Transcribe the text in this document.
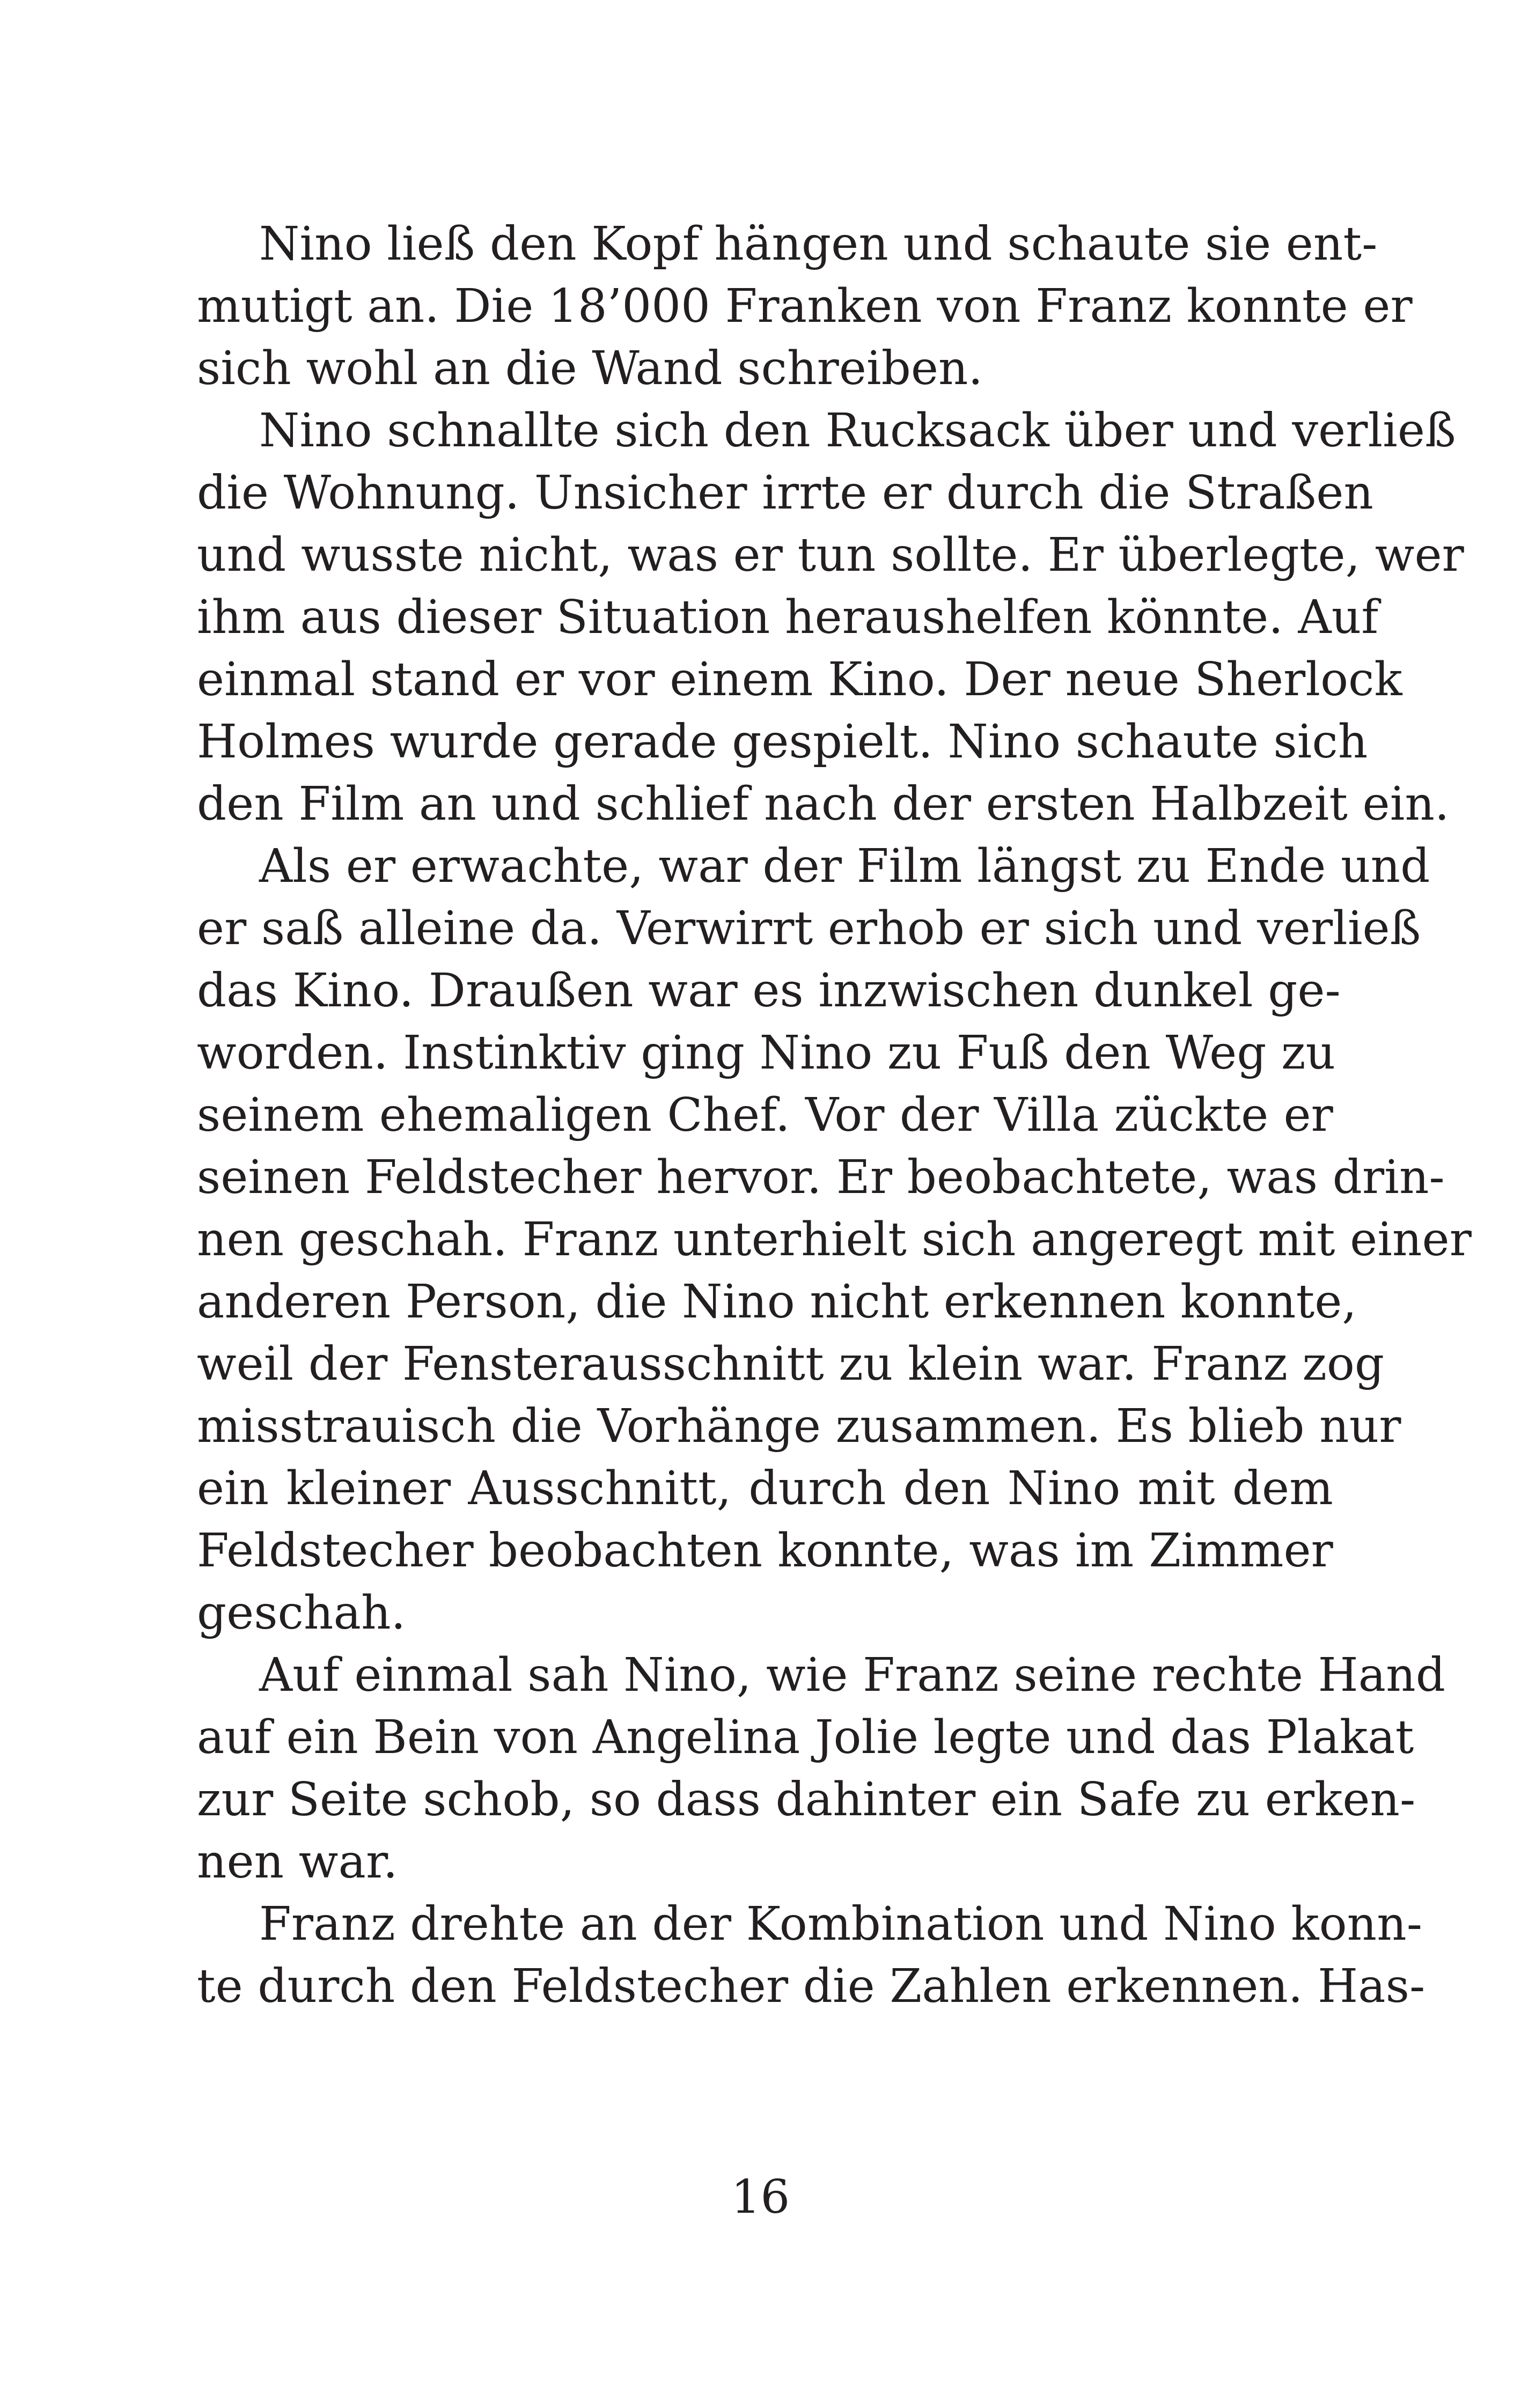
Nino ließ den Kopf hängen und schaute sie ent-
mutigt an. Die 18’000 Franken von Franz konnte er
sich wohl an die Wand schreiben.
Nino schnallte sich den Rucksack über und verließ
die Wohnung. Unsicher irrte er durch die Straßen
und wusste nicht, was er tun sollte. Er überlegte, wer
ihm aus dieser Situation heraushelfen könnte. Auf
einmal stand er vor einem Kino. Der neue Sherlock
Holmes wurde gerade gespielt. Nino schaute sich
den Film an und schlief nach der ersten Halbzeit ein.
Als er erwachte, war der Film längst zu Ende und
er saß alleine da. Verwirrt erhob er sich und verließ
das Kino. Draußen war es inzwischen dunkel ge-
worden. Instinktiv ging Nino zu Fuß den Weg zu
seinem ehemaligen Chef. Vor der Villa zückte er
seinen Feldstecher hervor. Er beobachtete, was drin-
nen geschah. Franz unterhielt sich angeregt mit einer
anderen Person, die Nino nicht erkennen konnte,
weil der Fensterausschnitt zu klein war. Franz zog
misstrauisch die Vorhänge zusammen. Es blieb nur
ein kleiner Ausschnitt, durch den Nino mit dem
Feldstecher beobachten konnte, was im Zimmer
geschah.
Auf einmal sah Nino, wie Franz seine rechte Hand
auf ein Bein von Angelina Jolie legte und das Plakat
zur Seite schob, so dass dahinter ein Safe zu erken-
nen war.
Franz drehte an der Kombination und Nino konn-
te durch den Feldstecher die Zahlen erkennen. Has-
16
